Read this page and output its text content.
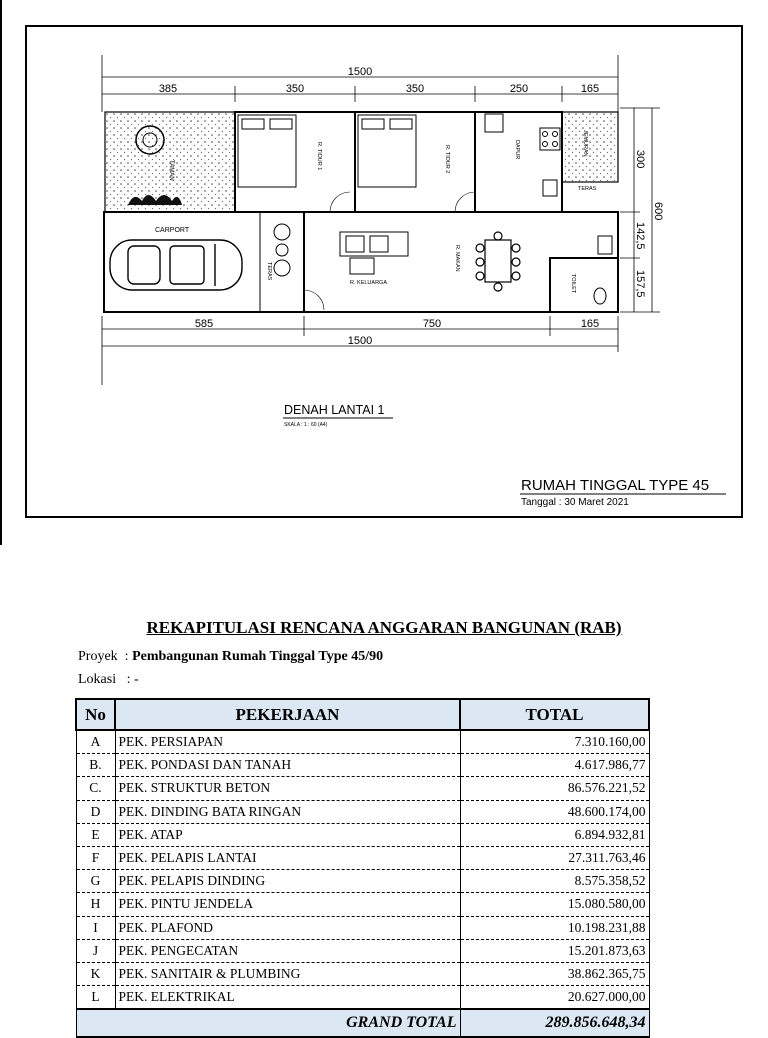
1500
385	350	350	250	165
TAMAN	R. TIDUR 1	R. TIDUR 2	DAPUR	JEMURAN
TERAS
CARPORT
TERAS
R. KELUARGA
R. MAKAN
TOILET
300
600
142,5
157,5
585	750	165
1500
DENAH LANTAI 1
SKALA : 1 : 60 (A4)
RUMAH TINGGAL TYPE 45
Tanggal : 30 Maret 2021
REKAPITULASI RENCANA ANGGARAN BANGUNAN (RAB)
Proyek  : Pembangunan Rumah Tinggal Type 45/90
Lokasi   : -
No	PEKERJAAN	TOTAL
A	PEK. PERSIAPAN	7.310.160,00
B.	PEK. PONDASI DAN TANAH	4.617.986,77
C.	PEK. STRUKTUR BETON	86.576.221,52
D	PEK. DINDING BATA RINGAN	48.600.174,00
E	PEK. ATAP	6.894.932,81
F	PEK. PELAPIS LANTAI	27.311.763,46
G	PEK. PELAPIS DINDING	8.575.358,52
H	PEK. PINTU JENDELA	15.080.580,00
I	PEK. PLAFOND	10.198.231,88
J	PEK. PENGECATAN	15.201.873,63
K	PEK. SANITAIR & PLUMBING	38.862.365,75
L	PEK. ELEKTRIKAL	20.627.000,00
GRAND TOTAL		289.856.648,34
